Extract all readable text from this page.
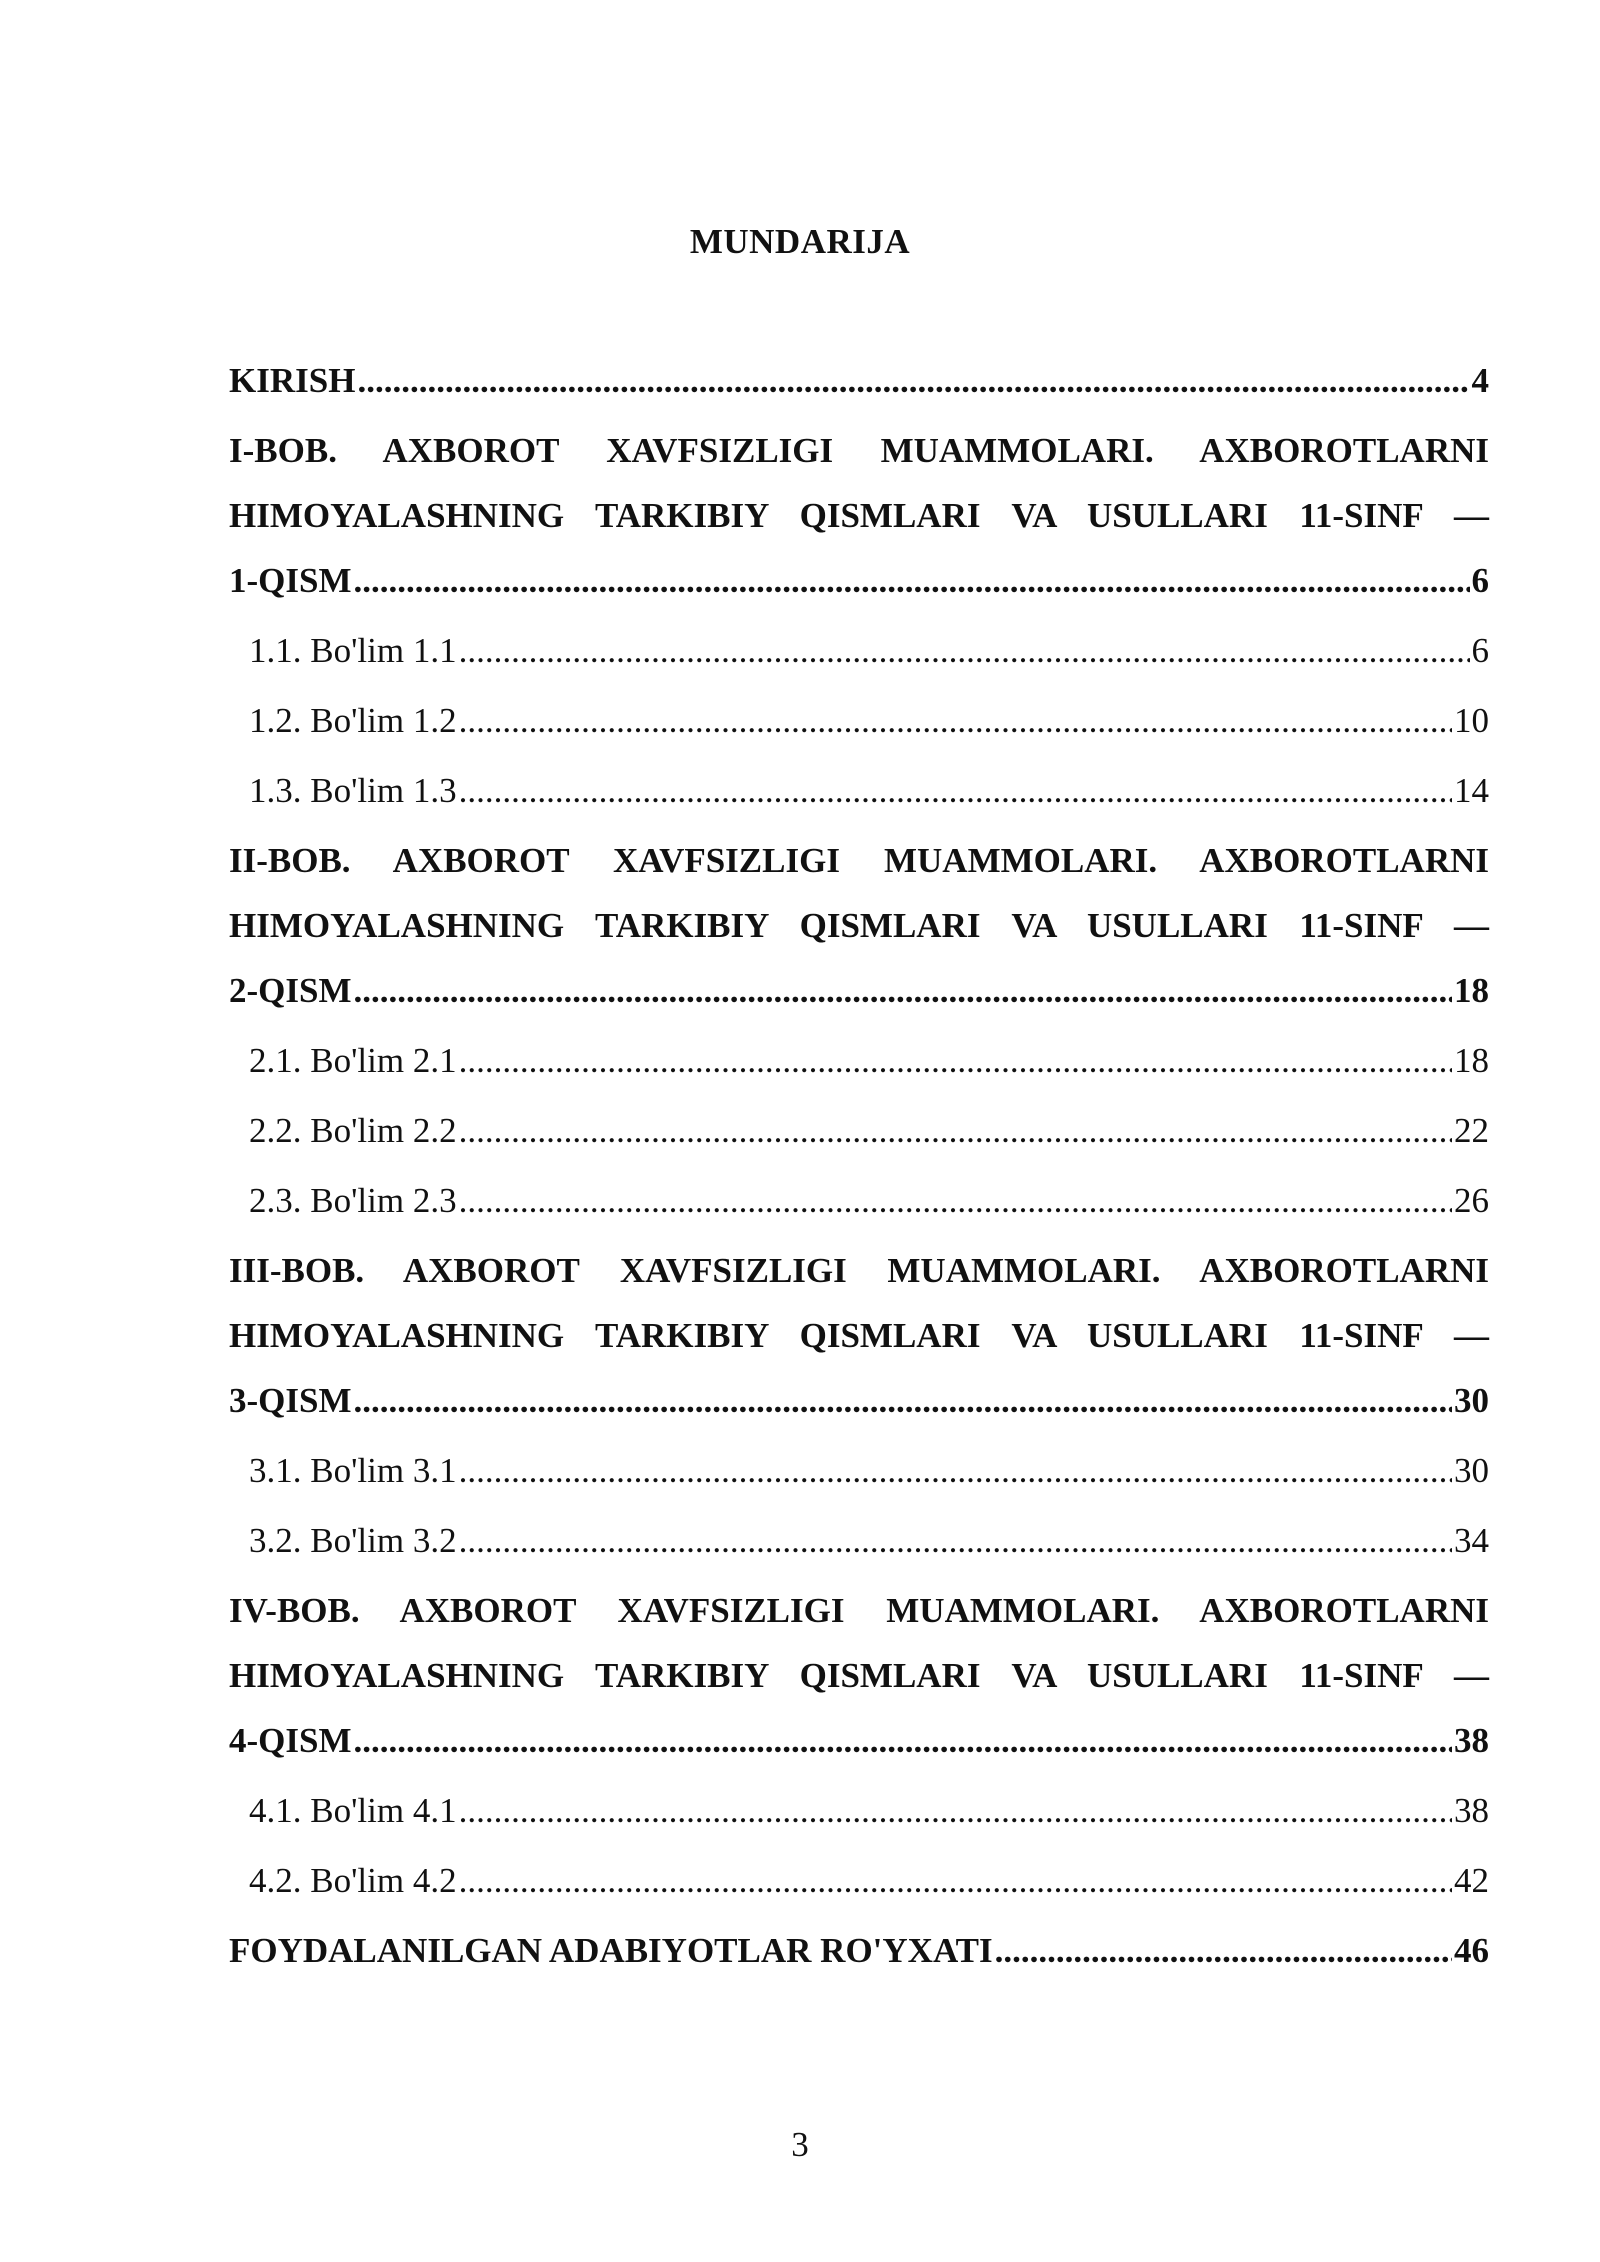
MUNDARIJA
KIRISH .....	4
I-BOB. AXBOROT XAVFSIZLIGI MUAMMOLARI. AXBOROTLARNI
HIMOYALASHNING TARKIBIY QISMLARI VA USULLARI 11-SINF —
1-QISM .....	6
1.1. Bo'lim 1.1 .....	6
1.2. Bo'lim 1.2 .....	10
1.3. Bo'lim 1.3 .....	14
II-BOB. AXBOROT XAVFSIZLIGI MUAMMOLARI. AXBOROTLARNI
HIMOYALASHNING TARKIBIY QISMLARI VA USULLARI 11-SINF —
2-QISM .....	18
2.1. Bo'lim 2.1 .....	18
2.2. Bo'lim 2.2 .....	22
2.3. Bo'lim 2.3 .....	26
III-BOB. AXBOROT XAVFSIZLIGI MUAMMOLARI. AXBOROTLARNI
HIMOYALASHNING TARKIBIY QISMLARI VA USULLARI 11-SINF —
3-QISM .....	30
3.1. Bo'lim 3.1 .....	30
3.2. Bo'lim 3.2 .....	34
IV-BOB. AXBOROT XAVFSIZLIGI MUAMMOLARI. AXBOROTLARNI
HIMOYALASHNING TARKIBIY QISMLARI VA USULLARI 11-SINF —
4-QISM .....	38
4.1. Bo'lim 4.1 .....	38
4.2. Bo'lim 4.2 .....	42
FOYDALANILGAN ADABIYOTLAR RO'YXATI .....	46
3
